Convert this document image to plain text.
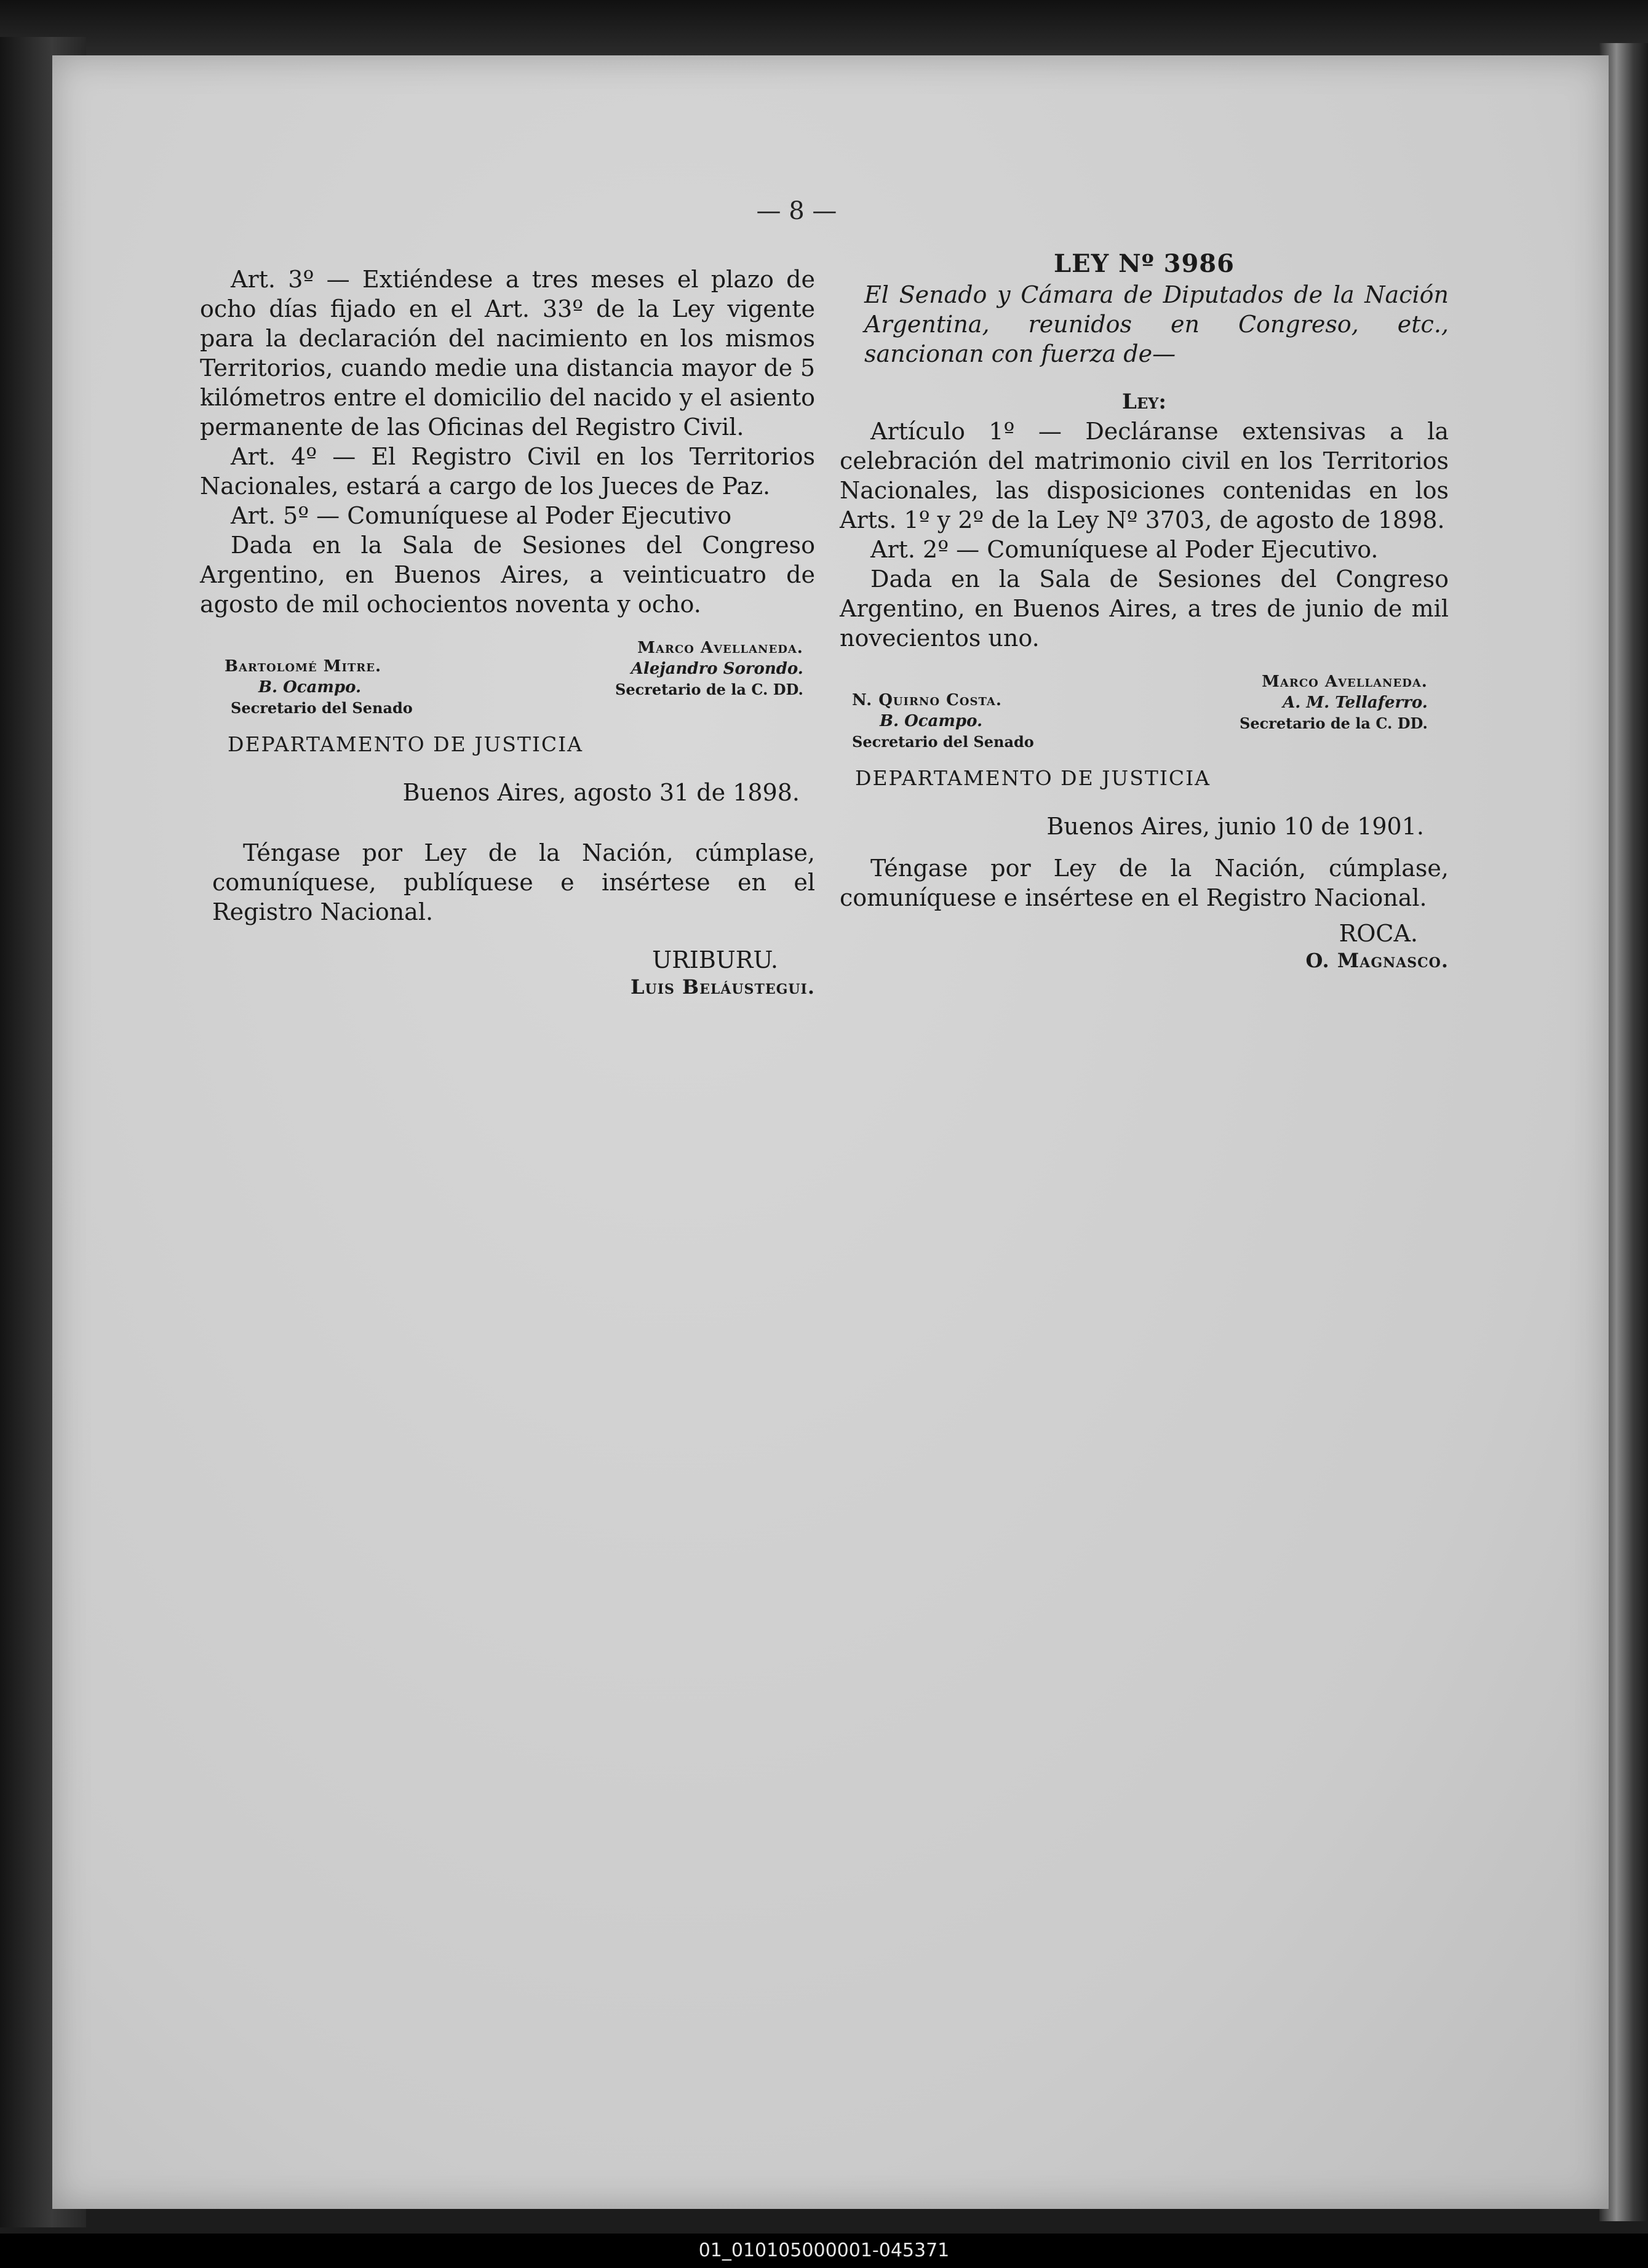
— 8 —

Art. 3º — Extiéndese a tres meses el plazo de ocho días fijado en el Art. 33º de la Ley vigente para la declaración del nacimiento en los mismos Territorios, cuando medie una distancia mayor de 5 kilómetros entre el domicilio del nacido y el asiento permanente de las Oficinas del Registro Civil.

Art. 4º — El Registro Civil en los Territorios Nacionales, estará a cargo de los Jueces de Paz.

Art. 5º — Comuníquese al Poder Ejecutivo

Dada en la Sala de Sesiones del Congreso Argentino, en Buenos Aires, a veinticuatro de agosto de mil ochocientos noventa y ocho.

Bartolomé Mitre.
B. Ocampo.
Secretario del Senado
Marco Avellaneda.
Alejandro Sorondo.
Secretario de la C. DD.

DEPARTAMENTO DE JUSTICIA

Buenos Aires, agosto 31 de 1898.

Téngase por Ley de la Nación, cúmplase, comuníquese, publíquese e insértese en el Registro Nacional.

URIBURU.

Luis Beláustegui.

LEY Nº 3986

El Senado y Cámara de Diputados de la Nación Argentina, reunidos en Congreso, etc., sancionan con fuerza de—

Ley:

Artículo 1º — Decláranse extensivas a la celebración del matrimonio civil en los Territorios Nacionales, las disposiciones contenidas en los Arts. 1º y 2º de la Ley Nº 3703, de agosto de 1898.

Art. 2º — Comuníquese al Poder Ejecutivo.

Dada en la Sala de Sesiones del Congreso Argentino, en Buenos Aires, a tres de junio de mil novecientos uno.

N. Quirno Costa.
B. Ocampo.
Secretario del Senado
Marco Avellaneda.
A. M. Tellaferro.
Secretario de la C. DD.

DEPARTAMENTO DE JUSTICIA

Buenos Aires, junio 10 de 1901.

Téngase por Ley de la Nación, cúmplase, comuníquese e insértese en el Registro Nacional.

ROCA.

O. Magnasco.

01_010105000001-045371
